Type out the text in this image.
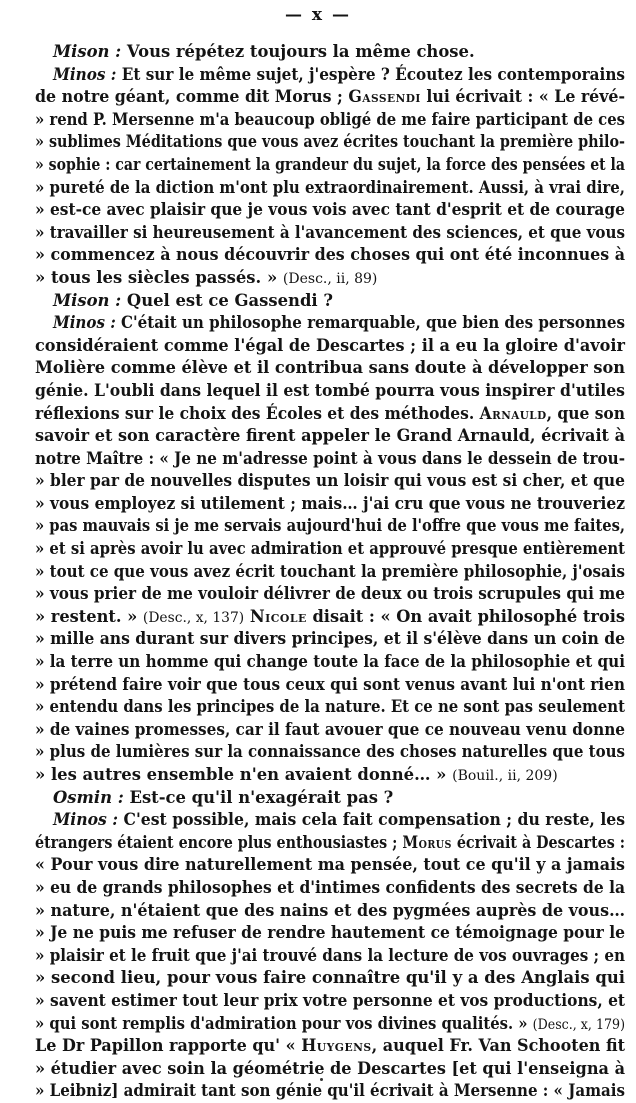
— x —
Mison : Vous répétez toujours la même chose.
Minos : Et sur le même sujet, j'espère ? Écoutez les contemporains
de notre géant, comme dit Morus ; Gassendi lui écrivait : « Le révé-
» rend P. Mersenne m'a beaucoup obligé de me faire participant de ces
» sublimes Méditations que vous avez écrites touchant la première philo-
» sophie : car certainement la grandeur du sujet, la force des pensées et la
» pureté de la diction m'ont plu extraordinairement. Aussi, à vrai dire,
» est-ce avec plaisir que je vous vois avec tant d'esprit et de courage
» travailler si heureusement à l'avancement des sciences, et que vous
» commencez à nous découvrir des choses qui ont été inconnues à
» tous les siècles passés. » (Desc., ii, 89)
Mison : Quel est ce Gassendi ?
Minos : C'était un philosophe remarquable, que bien des personnes
considéraient comme l'égal de Descartes ; il a eu la gloire d'avoir
Molière comme élève et il contribua sans doute à développer son
génie. L'oubli dans lequel il est tombé pourra vous inspirer d'utiles
réflexions sur le choix des Écoles et des méthodes. Arnauld, que son
savoir et son caractère firent appeler le Grand Arnauld, écrivait à
notre Maître : « Je ne m'adresse point à vous dans le dessein de trou-
» bler par de nouvelles disputes un loisir qui vous est si cher, et que
» vous employez si utilement ; mais… j'ai cru que vous ne trouveriez
» pas mauvais si je me servais aujourd'hui de l'offre que vous me faites,
» et si après avoir lu avec admiration et approuvé presque entièrement
» tout ce que vous avez écrit touchant la première philosophie, j'osais
» vous prier de me vouloir délivrer de deux ou trois scrupules qui me
» restent. » (Desc., x, 137) Nicole disait : « On avait philosophé trois
» mille ans durant sur divers principes, et il s'élève dans un coin de
» la terre un homme qui change toute la face de la philosophie et qui
» prétend faire voir que tous ceux qui sont venus avant lui n'ont rien
» entendu dans les principes de la nature. Et ce ne sont pas seulement
» de vaines promesses, car il faut avouer que ce nouveau venu donne
» plus de lumières sur la connaissance des choses naturelles que tous
» les autres ensemble n'en avaient donné… » (Bouil., ii, 209)
Osmin : Est-ce qu'il n'exagérait pas ?
Minos : C'est possible, mais cela fait compensation ; du reste, les
étrangers étaient encore plus enthousiastes ; Morus écrivait à Descartes :
« Pour vous dire naturellement ma pensée, tout ce qu'il y a jamais
» eu de grands philosophes et d'intimes confidents des secrets de la
» nature, n'étaient que des nains et des pygmées auprès de vous…
» Je ne puis me refuser de rendre hautement ce témoignage pour le
» plaisir et le fruit que j'ai trouvé dans la lecture de vos ouvrages ; en
» second lieu, pour vous faire connaître qu'il y a des Anglais qui
» savent estimer tout leur prix votre personne et vos productions, et
» qui sont remplis d'admiration pour vos divines qualités. » (Desc., x, 179)
Le Dr Papillon rapporte qu' « Huygens, auquel Fr. Van Schooten fit
» étudier avec soin la géométrie de Descartes [et qui l'enseigna à
» Leibniz] admirait tant son génie qu'il écrivait à Mersenne : « Jamais
